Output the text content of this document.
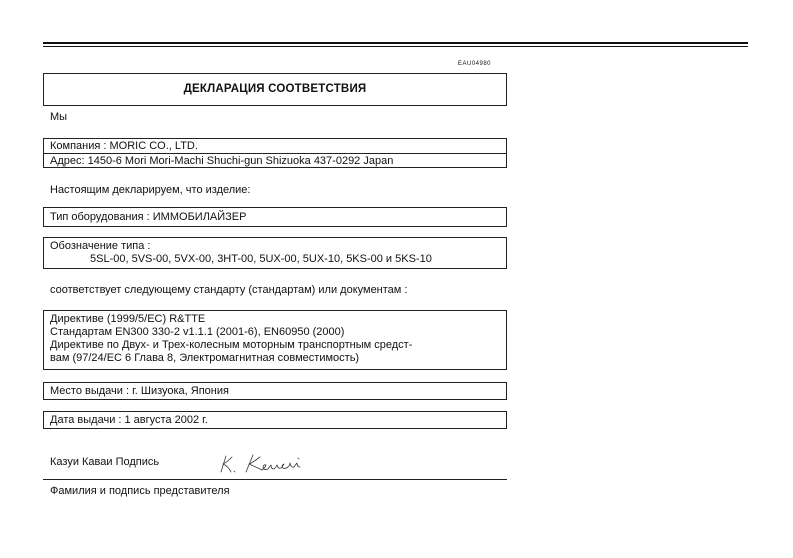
EAU04980
ДЕКЛАРАЦИЯ СООТВЕТСТВИЯ
Мы
Компания : MORIC CO., LTD.
Адрес: 1450-6 Mori Mori-Machi Shuchi-gun Shizuoka 437-0292 Japan
Настоящим декларируем, что изделие:
Тип оборудования : ИММОБИЛАЙЗЕР
Обозначение типа :
5SL-00, 5VS-00, 5VX-00, 3HT-00, 5UX-00, 5UX-10, 5KS-00 и 5KS-10
соответствует следующему стандарту (стандартам) или документам :
Директиве (1999/5/EC) R&TTE
Стандартам EN300 330-2 v1.1.1 (2001-6), EN60950 (2000)
Директиве по Двух- и Трех-колесным моторным транспортным средст-
вам (97/24/EC 6 Глава 8, Электромагнитная совместимость)
Место выдачи : г. Шизуока, Япония
Дата выдачи : 1 августа 2002 г.
Казуи Каваи Подпись
Фамилия и подпись представителя
